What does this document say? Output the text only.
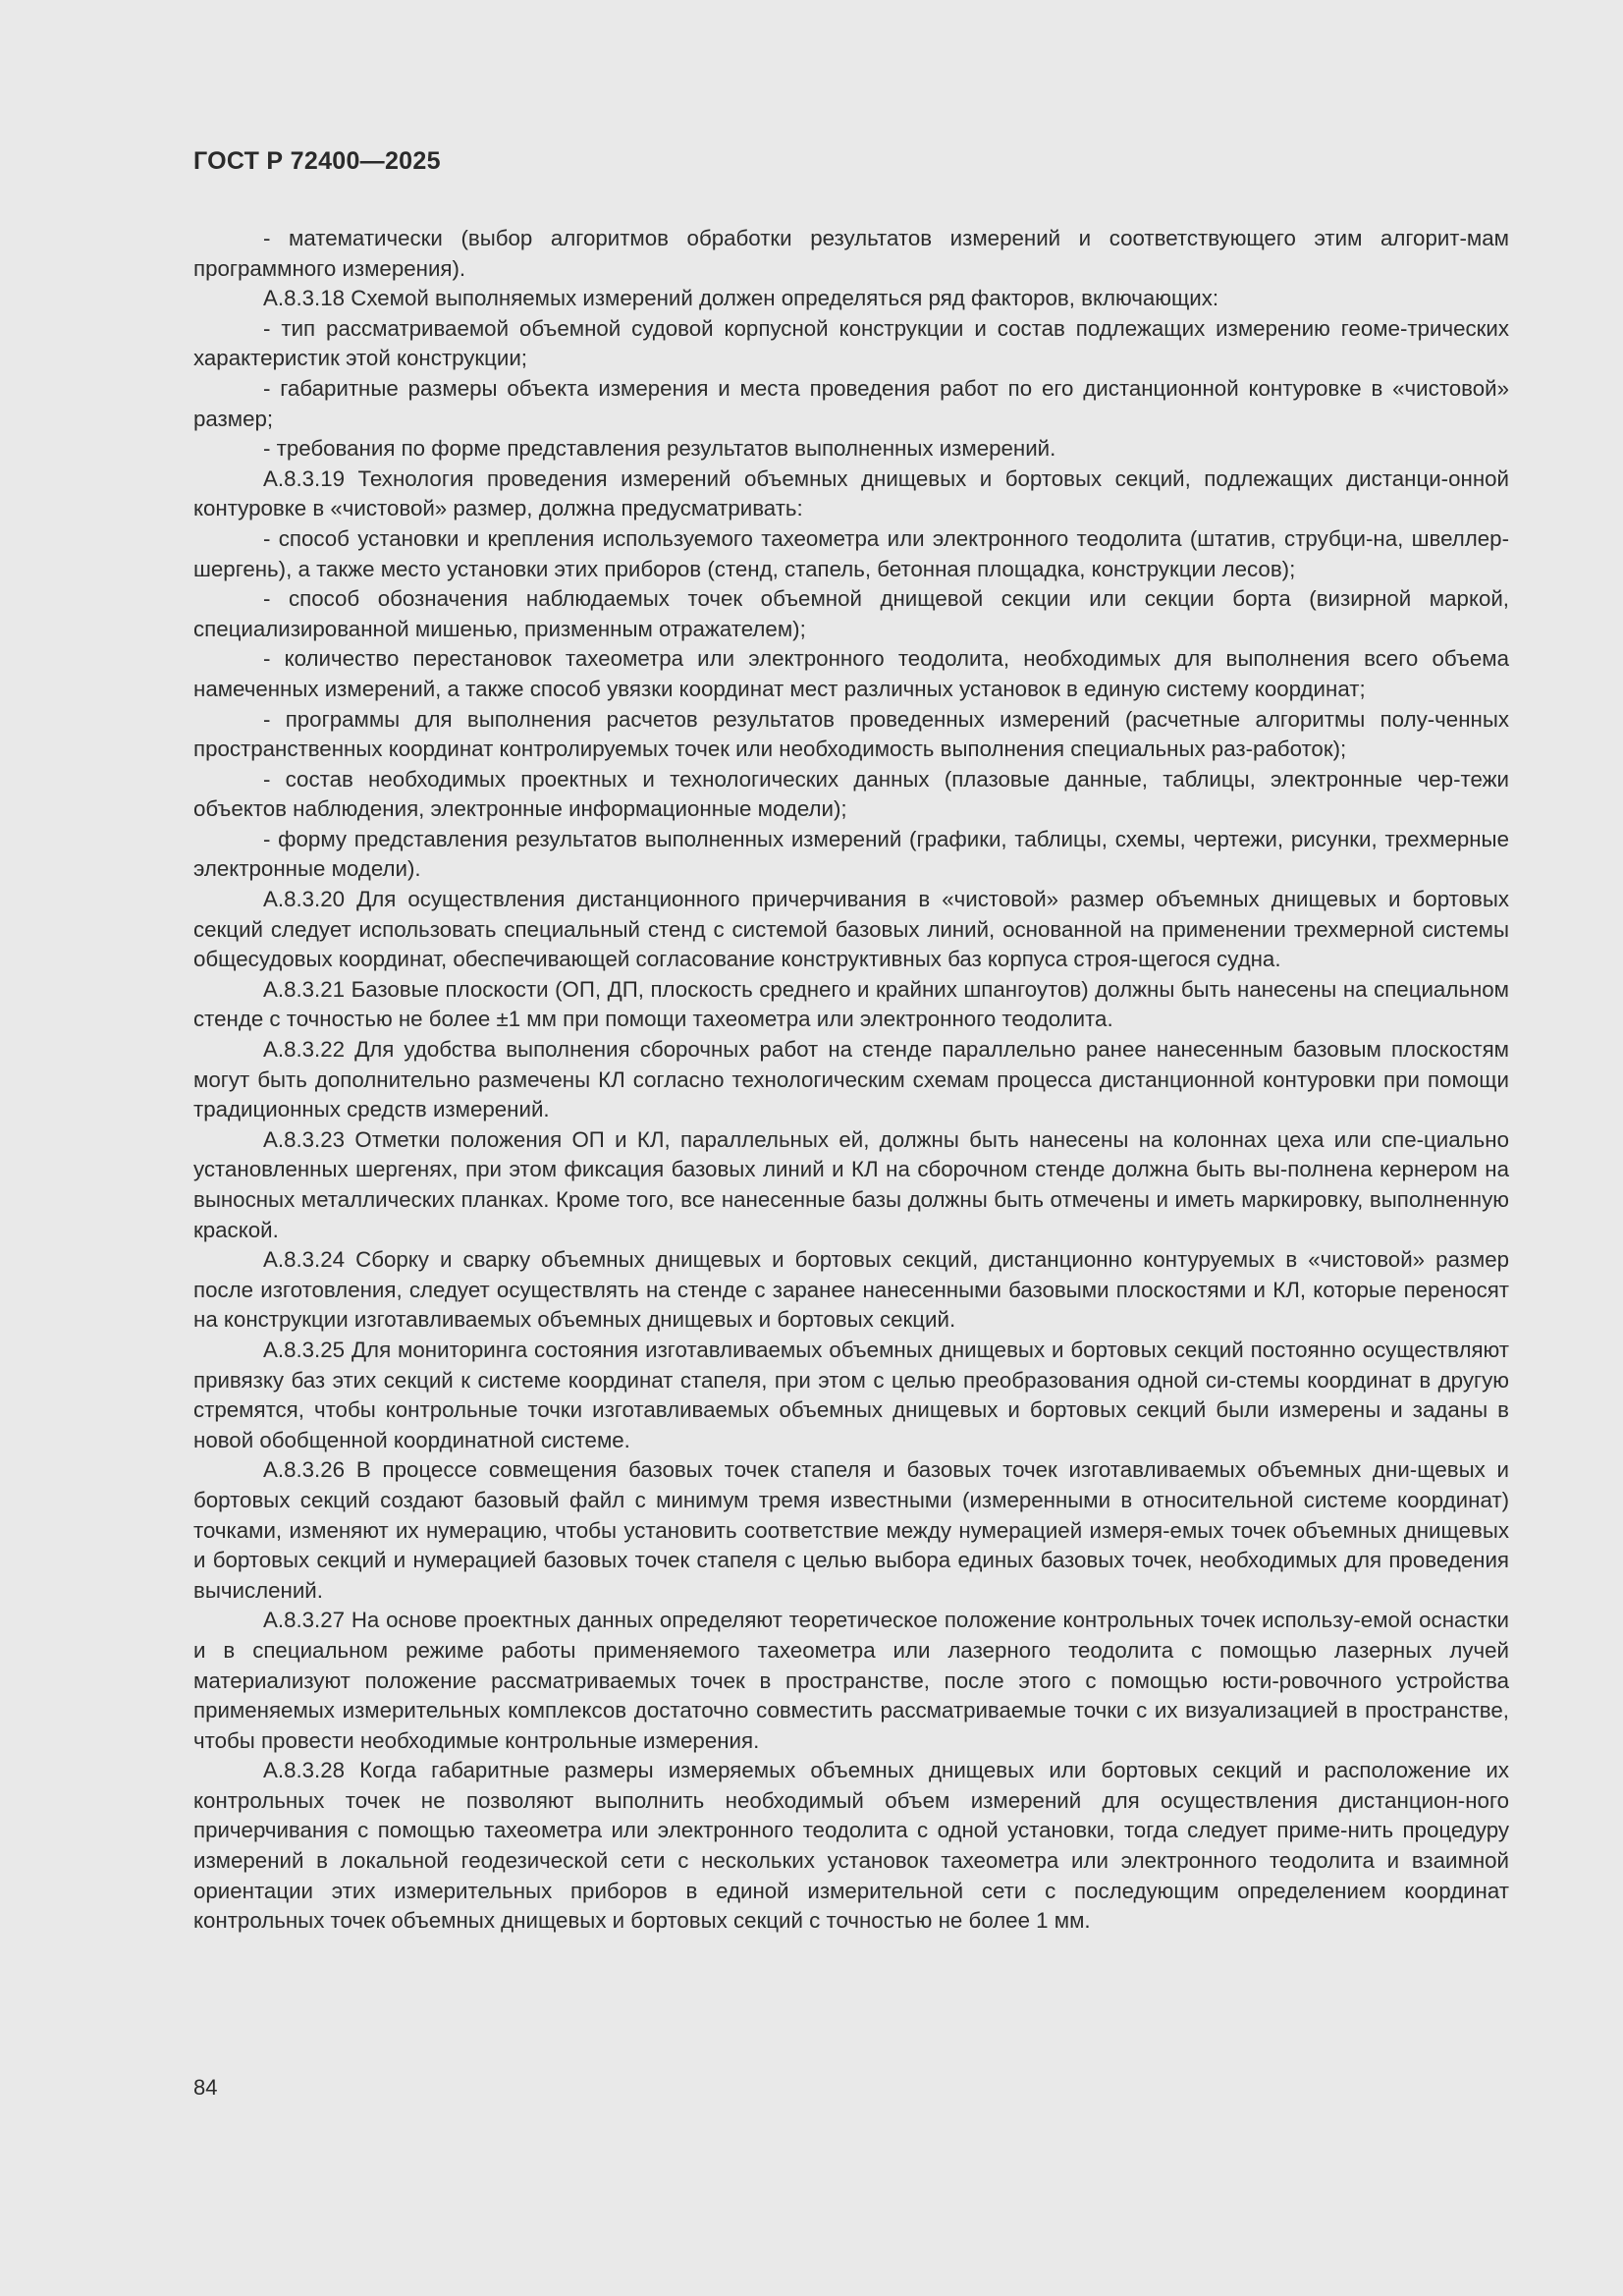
ГОСТ Р 72400—2025

- математически (выбор алгоритмов обработки результатов измерений и соответствующего этим алгорит-мам программного измерения).

А.8.3.18 Схемой выполняемых измерений должен определяться ряд факторов, включающих:

- тип рассматриваемой объемной судовой корпусной конструкции и состав подлежащих измерению геоме-трических характеристик этой конструкции;

- габаритные размеры объекта измерения и места проведения работ по его дистанционной контуровке в «чистовой» размер;

- требования по форме представления результатов выполненных измерений.

А.8.3.19 Технология проведения измерений объемных днищевых и бортовых секций, подлежащих дистанци-онной контуровке в «чистовой» размер, должна предусматривать:

- способ установки и крепления используемого тахеометра или электронного теодолита (штатив, струбци-на, швеллер-шергень), а также место установки этих приборов (стенд, стапель, бетонная площадка, конструкции лесов);

- способ обозначения наблюдаемых точек объемной днищевой секции или секции борта (визирной маркой, специализированной мишенью, призменным отражателем);

- количество перестановок тахеометра или электронного теодолита, необходимых для выполнения всего объема намеченных измерений, а также способ увязки координат мест различных установок в единую систему координат;

- программы для выполнения расчетов результатов проведенных измерений (расчетные алгоритмы полу-ченных пространственных координат контролируемых точек или необходимость выполнения специальных раз-работок);

- состав необходимых проектных и технологических данных (плазовые данные, таблицы, электронные чер-тежи объектов наблюдения, электронные информационные модели);

- форму представления результатов выполненных измерений (графики, таблицы, схемы, чертежи, рисунки, трехмерные электронные модели).

А.8.3.20 Для осуществления дистанционного причерчивания в «чистовой» размер объемных днищевых и бортовых секций следует использовать специальный стенд с системой базовых линий, основанной на применении трехмерной системы общесудовых координат, обеспечивающей согласование конструктивных баз корпуса строя-щегося судна.

А.8.3.21 Базовые плоскости (ОП, ДП, плоскость среднего и крайних шпангоутов) должны быть нанесены на специальном стенде с точностью не более ±1 мм при помощи тахеометра или электронного теодолита.

А.8.3.22 Для удобства выполнения сборочных работ на стенде параллельно ранее нанесенным базовым плоскостям могут быть дополнительно размечены КЛ согласно технологическим схемам процесса дистанционной контуровки при помощи традиционных средств измерений.

А.8.3.23 Отметки положения ОП и КЛ, параллельных ей, должны быть нанесены на колоннах цеха или спе-циально установленных шергенях, при этом фиксация базовых линий и КЛ на сборочном стенде должна быть вы-полнена кернером на выносных металлических планках. Кроме того, все нанесенные базы должны быть отмечены и иметь маркировку, выполненную краской.

А.8.3.24 Сборку и сварку объемных днищевых и бортовых секций, дистанционно контуруемых в «чистовой» размер после изготовления, следует осуществлять на стенде с заранее нанесенными базовыми плоскостями и КЛ, которые переносят на конструкции изготавливаемых объемных днищевых и бортовых секций.

А.8.3.25 Для мониторинга состояния изготавливаемых объемных днищевых и бортовых секций постоянно осуществляют привязку баз этих секций к системе координат стапеля, при этом с целью преобразования одной си-стемы координат в другую стремятся, чтобы контрольные точки изготавливаемых объемных днищевых и бортовых секций были измерены и заданы в новой обобщенной координатной системе.

А.8.3.26 В процессе совмещения базовых точек стапеля и базовых точек изготавливаемых объемных дни-щевых и бортовых секций создают базовый файл с минимум тремя известными (измеренными в относительной системе координат) точками, изменяют их нумерацию, чтобы установить соответствие между нумерацией измеря-емых точек объемных днищевых и бортовых секций и нумерацией базовых точек стапеля с целью выбора единых базовых точек, необходимых для проведения вычислений.

А.8.3.27 На основе проектных данных определяют теоретическое положение контрольных точек использу-емой оснастки и в специальном режиме работы применяемого тахеометра или лазерного теодолита с помощью лазерных лучей материализуют положение рассматриваемых точек в пространстве, после этого с помощью юсти-ровочного устройства применяемых измерительных комплексов достаточно совместить рассматриваемые точки с их визуализацией в пространстве, чтобы провести необходимые контрольные измерения.

А.8.3.28 Когда габаритные размеры измеряемых объемных днищевых или бортовых секций и расположение их контрольных точек не позволяют выполнить необходимый объем измерений для осуществления дистанцион-ного причерчивания с помощью тахеометра или электронного теодолита с одной установки, тогда следует приме-нить процедуру измерений в локальной геодезической сети с нескольких установок тахеометра или электронного теодолита и взаимной ориентации этих измерительных приборов в единой измерительной сети с последующим определением координат контрольных точек объемных днищевых и бортовых секций с точностью не более 1 мм.

84
